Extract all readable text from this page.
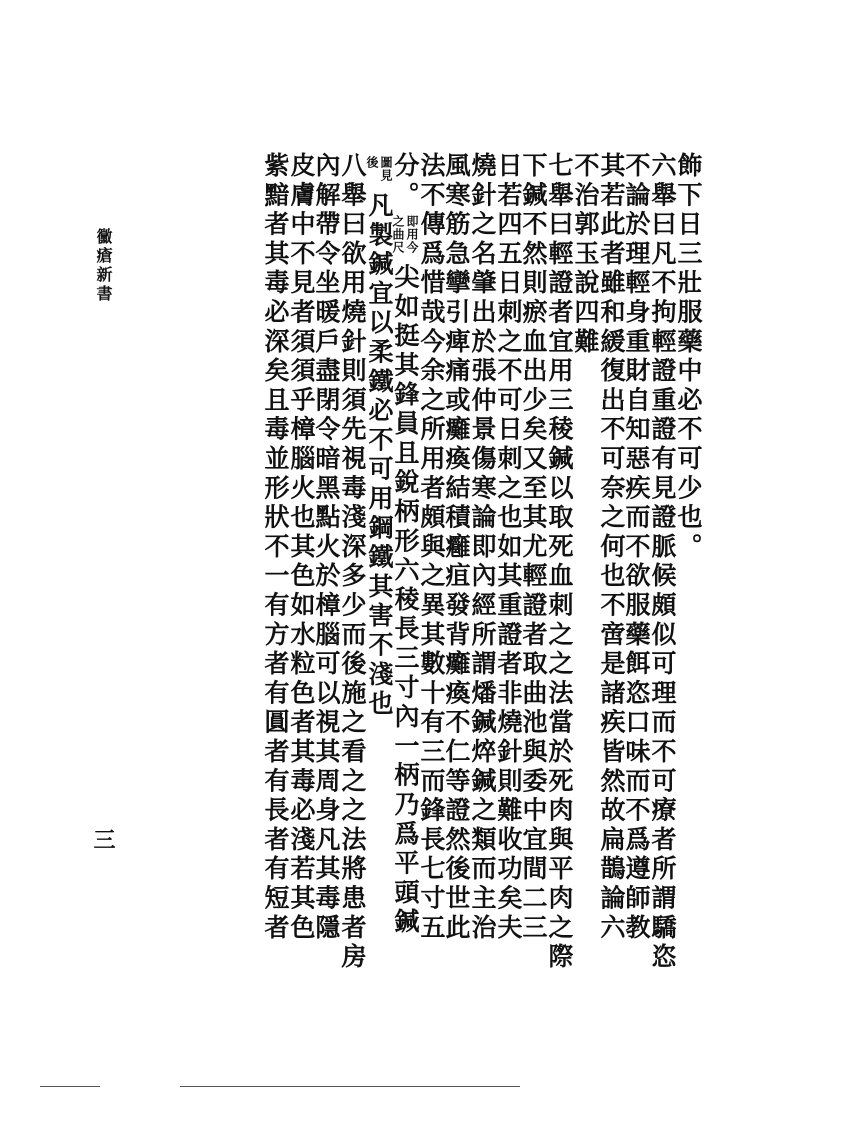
黴瘡新書
三
飾下日三壯服藥中必不可少也。
六舉曰凡不拘輕證重證有見證脈候頗似可理而不可療者所謂驕恣
不論於理輕身重財自知惡疾而不欲服藥餌恣口味而不爲遵師教
其若此者雖和緩復出不可奈之何也不啻是諸疾皆然故扁鵲論六
不治郭玉說四難
七舉曰輕證者宜用三稜鍼以取死血刺之之法當於死肉與平肉之際
下鍼不然則瘀血出少矣又至其尤輕證者取曲池與委中宜間二三
日若四五日刺之不可日刺之也如其重證者非燒針則難收功矣夫
燒針之名肇出於張仲景傷寒論即內經所謂燔鍼焠鍼之類而主治
風寒筋急攣引痺痛或癱瘓結積癰疽發背癱瘓不仁等證然後世此
法不傳爲惜哉今余之所用者頗與之異其數十有三而鋒長七寸五
分。即用今
之曲尺尖如挺其鋒員且銳柄形六稜長三寸內一柄乃爲平頭鍼
圖見
後凡製鍼宜以柔鐵必不可用鋼鐵其害不淺也
八舉曰欲用燒針則須先視毒淺深多少而後施之看之之法將患者房
內解帶令坐暖戶盡閉令暗黑點火於樟腦可以視其周身凡其毒隱
皮膚中不見者須須乎樟腦火也其色如水粒色者其毒必淺若其色
紫黯者其毒必深矣且毒並形狀不一有方者有圓者有長者有短者
